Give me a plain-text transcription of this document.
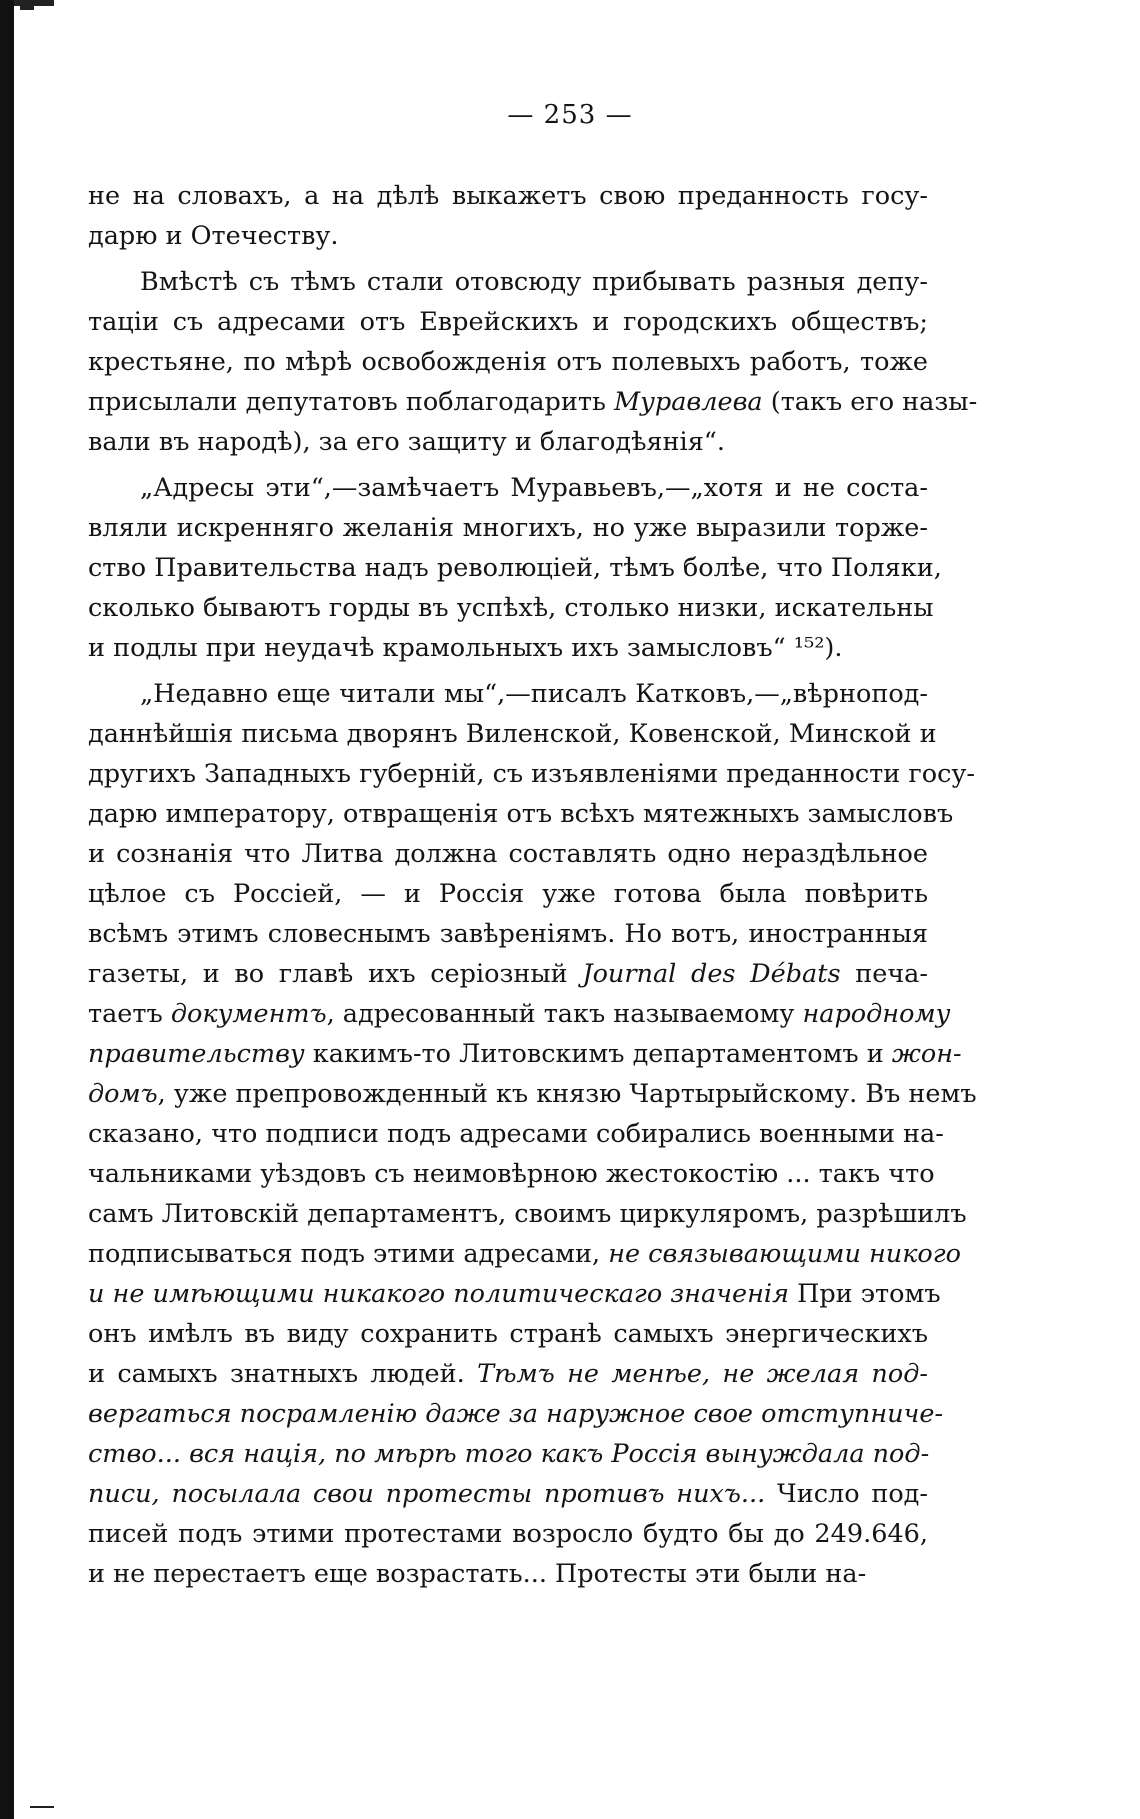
— 253 —
не на словахъ, а на дѣлѣ выкажетъ свою преданность госу-
дарю и Отечеству.
Вмѣстѣ съ тѣмъ стали отовсюду прибывать разныя депу-
таціи съ адресами отъ Еврейскихъ и городскихъ обществъ;
крестьяне, по мѣрѣ освобожденія отъ полевыхъ работъ, тоже
присылали депутатовъ поблагодарить Муравлева (такъ его назы-
вали въ народѣ), за его защиту и благодѣянія“.
„Адресы эти“,—замѣчаетъ Муравьевъ,—„хотя и не соста-
вляли искренняго желанія многихъ, но уже выразили торже-
ство Правительства надъ революціей, тѣмъ болѣе, что Поляки,
сколько бываютъ горды въ успѣхѣ, столько низки, искательны
и подлы при неудачѣ крамольныхъ ихъ замысловъ“ ¹⁵²).
„Недавно еще читали мы“,—писалъ Катковъ,—„вѣрнопод-
даннѣйшія письма дворянъ Виленской, Ковенской, Минской и
другихъ Западныхъ губерній, съ изъявленіями преданности госу-
дарю императору, отвращенія отъ всѣхъ мятежныхъ замысловъ
и сознанія что Литва должна составлять одно нераздѣльное
цѣлое съ Россіей, — и Россія уже готова была повѣрить
всѣмъ этимъ словеснымъ завѣреніямъ. Но вотъ, иностранныя
газеты, и во главѣ ихъ серіозный Journal des Débats печа-
таетъ документъ, адресованный такъ называемому народному
правительству какимъ-то Литовскимъ департаментомъ и жон-
домъ, уже препровожденный къ князю Чартырыйскому. Въ немъ
сказано, что подписи подъ адресами собирались военными на-
чальниками уѣздовъ съ неимовѣрною жестокостію ... такъ что
самъ Литовскій департаментъ, своимъ циркуляромъ, разрѣшилъ
подписываться подъ этими адресами, не связывающими никого
и не имѣющими никакого политическаго значенія При этомъ
онъ имѣлъ въ виду сохранить странѣ самыхъ энергическихъ
и самыхъ знатныхъ людей. Тѣмъ не менѣе, не желая под-
вергаться посрамленію даже за наружное свое отступниче-
ство... вся нація, по мѣрѣ того какъ Россія вынуждала под-
писи, посылала свои протесты противъ нихъ... Число под-
писей подъ этими протестами возросло будто бы до 249.646,
и не перестаетъ еще возрастать... Протесты эти были на-
